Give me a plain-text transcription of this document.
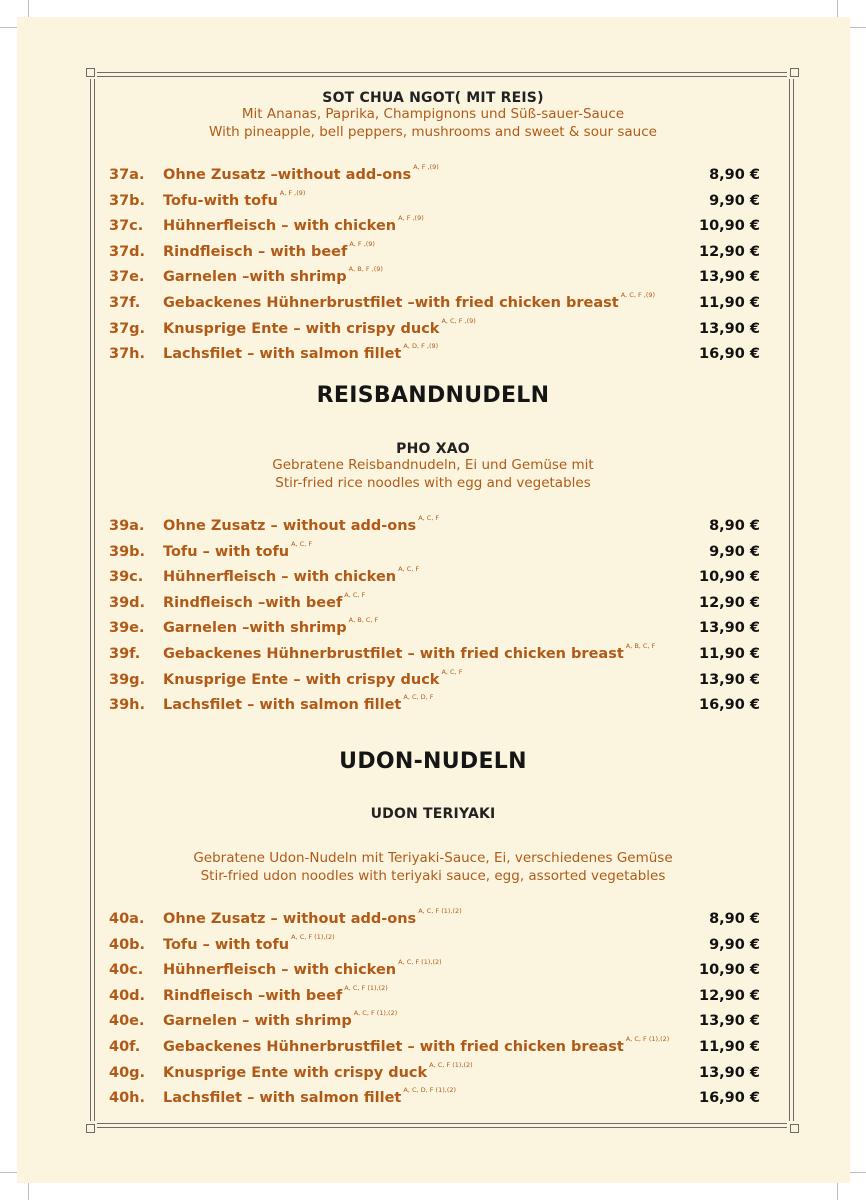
SOT CHUA NGOT( MIT REIS)
Mit Ananas, Paprika, Champignons und Süß-sauer-Sauce
With pineapple, bell peppers, mushrooms and sweet & sour sauce
37a. Ohne Zusatz –without add-ons $^{A, F ,(9)}$	8,90 €
37b. Tofu-with tofu $^{A, F ,(9)}$	9,90 €
37c. Hühnerfleisch – with chicken $^{A, F ,(9)}$	10,90 €
37d. Rindfleisch – with beef $^{A, F ,(9)}$	12,90 €
37e. Garnelen –with shrimp $^{A, B, F ,(9)}$	13,90 €
37f. Gebackenes Hühnerbrustfilet –with fried chicken breast $^{A, C, F ,(9)}$	11,90 €
37g. Knusprige Ente – with crispy duck $^{A, C, F ,(9)}$	13,90 €
37h. Lachsfilet – with salmon fillet $^{A, D, F ,(9)}$	16,90 €
REISBANDNUDELN
PHO XAO
Gebratene Reisbandnudeln, Ei und Gemüse mit
Stir-fried rice noodles with egg and vegetables
39a. Ohne Zusatz – without add-ons $^{A, C, F}$	8,90 €
39b. Tofu – with tofu $^{A, C, F}$	9,90 €
39c. Hühnerfleisch – with chicken $^{A, C, F}$	10,90 €
39d. Rindfleisch –with beef $^{A, C, F}$	12,90 €
39e. Garnelen –with shrimp $^{A, B, C, F}$	13,90 €
39f. Gebackenes Hühnerbrustfilet – with fried chicken breast $^{A, B, C, F}$	11,90 €
39g. Knusprige Ente – with crispy duck $^{A, C, F}$	13,90 €
39h. Lachsfilet – with salmon fillet $^{A, C, D, F}$	16,90 €
UDON-NUDELN
UDON TERIYAKI
Gebratene Udon-Nudeln mit Teriyaki-Sauce, Ei, verschiedenes Gemüse
Stir-fried udon noodles with teriyaki sauce, egg, assorted vegetables
40a. Ohne Zusatz – without add-ons $^{A, C, F (1),(2)}$	8,90 €
40b. Tofu – with tofu $^{A, C, F (1),(2)}$	9,90 €
40c. Hühnerfleisch – with chicken $^{A, C, F (1),(2)}$	10,90 €
40d. Rindfleisch –with beef $^{A, C, F (1),(2)}$	12,90 €
40e. Garnelen – with shrimp $^{A, C, F (1),(2)}$	13,90 €
40f. Gebackenes Hühnerbrustfilet – with fried chicken breast $^{A, C, F (1),(2)}$ 11,90 €
40g. Knusprige Ente with crispy duck $^{A, C, F (1),(2)}$	13,90 €
40h. Lachsfilet – with salmon fillet $^{A, C, D, F (1),(2)}$	16,90 €
